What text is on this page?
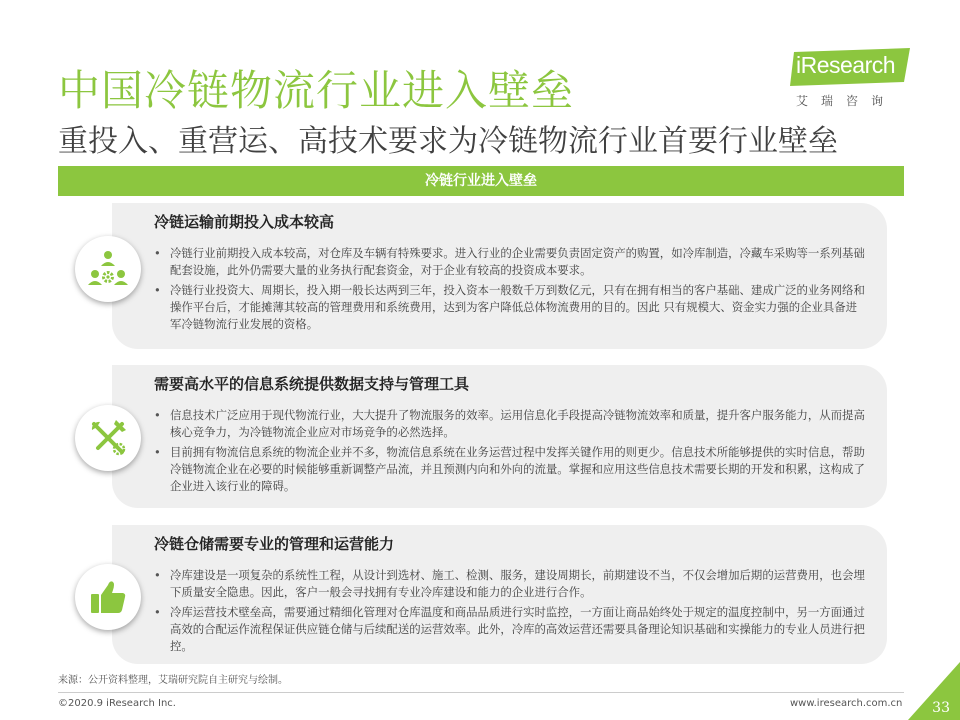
中国冷链物流行业进入壁垒
重投入、重营运、高技术要求为冷链物流行业首要行业壁垒
iResearch
艾瑞咨询
冷链行业进入壁垒
冷链运输前期投入成本较高
• 冷链行业前期投入成本较高，对仓库及车辆有特殊要求。进入行业的企业需要负责固定资产的购置，如冷库制造，冷藏车采购等一系列基础配套设施，此外仍需要大量的业务执行配套资金，对于企业有较高的投资成本要求。
• 冷链行业投资大、周期长，投入期一般长达两到三年，投入资本一般数千万到数亿元，只有在拥有相当的客户基础、建成广泛的业务网络和操作平台后，才能摊薄其较高的管理费用和系统费用，达到为客户降低总体物流费用的目的。因此 只有规模大、资金实力强的企业具备进军冷链物流行业发展的资格。
需要高水平的信息系统提供数据支持与管理工具
• 信息技术广泛应用于现代物流行业，大大提升了物流服务的效率。运用信息化手段提高冷链物流效率和质量，提升客户服务能力，从而提高核心竞争力，为冷链物流企业应对市场竞争的必然选择。
• 目前拥有物流信息系统的物流企业并不多，物流信息系统在业务运营过程中发挥关键作用的则更少。信息技术所能够提供的实时信息，帮助冷链物流企业在必要的时候能够重新调整产品流，并且预测内向和外向的流量。掌握和应用这些信息技术需要长期的开发和积累，这构成了企业进入该行业的障碍。
冷链仓储需要专业的管理和运营能力
• 冷库建设是一项复杂的系统性工程，从设计到选材、施工、检测、服务，建设周期长，前期建设不当，不仅会增加后期的运营费用，也会埋下质量安全隐患。因此，客户一般会寻找拥有专业冷库建设和能力的企业进行合作。
• 冷库运营技术壁垒高，需要通过精细化管理对仓库温度和商品品质进行实时监控，一方面让商品始终处于规定的温度控制中，另一方面通过高效的合配运作流程保证供应链仓储与后续配送的运营效率。此外，冷库的高效运营还需要具备理论知识基础和实操能力的专业人员进行把控。
来源：公开资料整理，艾瑞研究院自主研究与绘制。
©2020.9 iResearch Inc.	www.iresearch.com.cn 33
